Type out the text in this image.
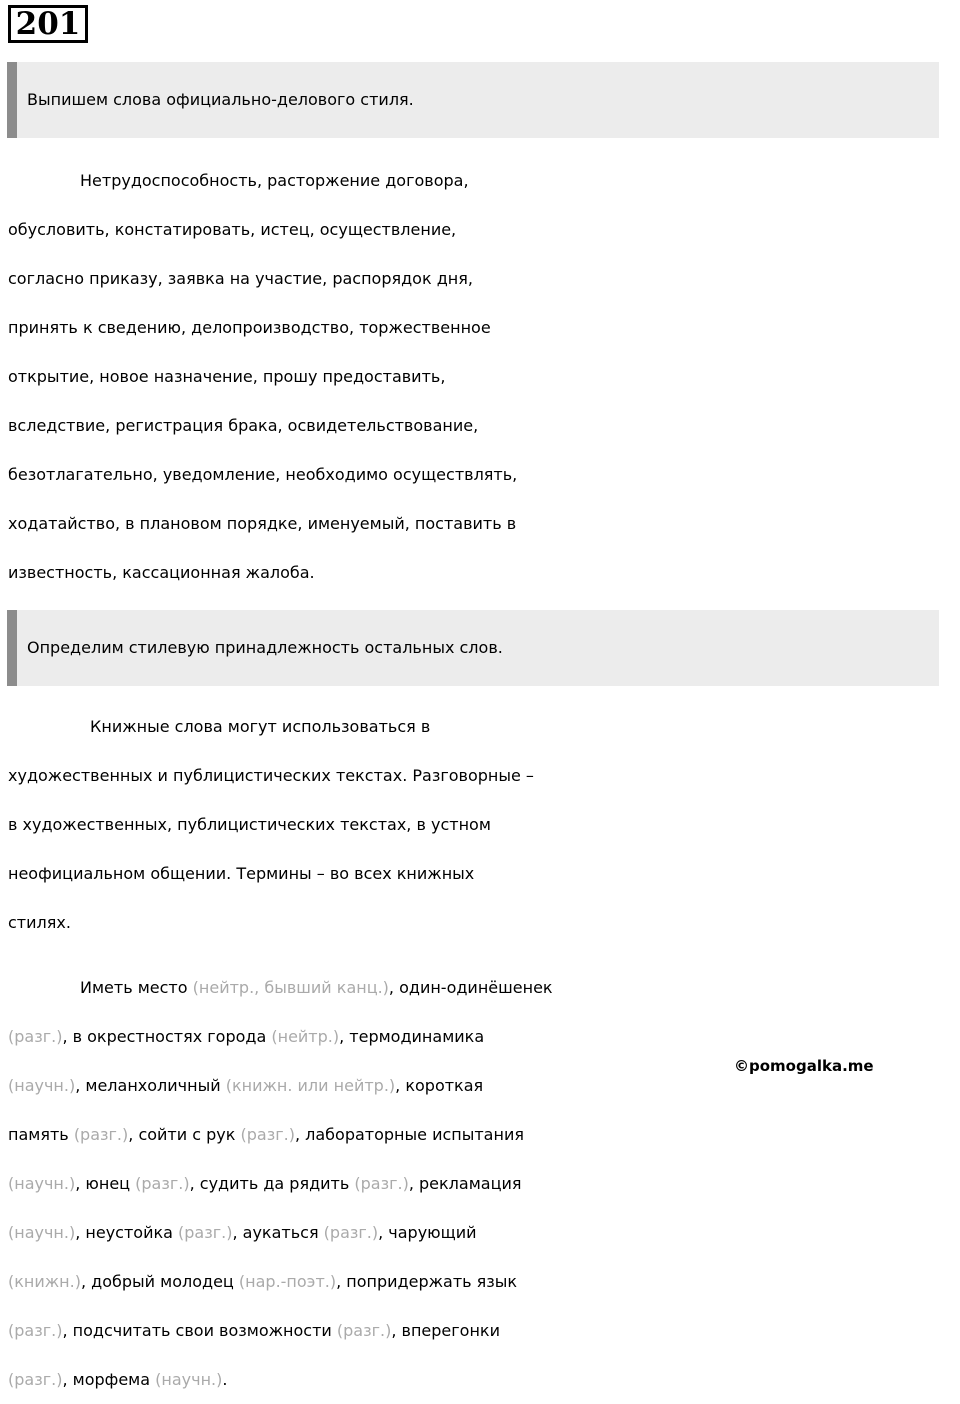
201
Выпишем слова официально-делового стиля.
Нетрудоспособность, расторжение договора,
обусловить, констатировать, истец, осуществление,
согласно приказу, заявка на участие, распорядок дня,
принять к сведению, делопроизводство, торжественное
открытие, новое назначение, прошу предоставить,
вследствие, регистрация брака, освидетельствование,
безотлагательно, уведомление, необходимо осуществлять,
ходатайство, в плановом порядке, именуемый, поставить в
известность, кассационная жалоба.
Определим стилевую принадлежность остальных слов.
Книжные слова могут использоваться в
художественных и публицистических текстах. Разговорные –
в художественных, публицистических текстах, в устном
неофициальном общении. Термины – во всех книжных
стилях.
Иметь место (нейтр., бывший канц.), один-одинёшенек
(разг.), в окрестностях города (нейтр.), термодинамика
(научн.), меланхоличный (книжн. или нейтр.), короткая
память (разг.), сойти с рук (разг.), лабораторные испытания
(научн.), юнец (разг.), судить да рядить (разг.), рекламация
(научн.), неустойка (разг.), аукаться (разг.), чарующий
(книжн.), добрый молодец (нар.-поэт.), попридержать язык
(разг.), подсчитать свои возможности (разг.), вперегонки
(разг.), морфема (научн.).
©pomogalka.me
